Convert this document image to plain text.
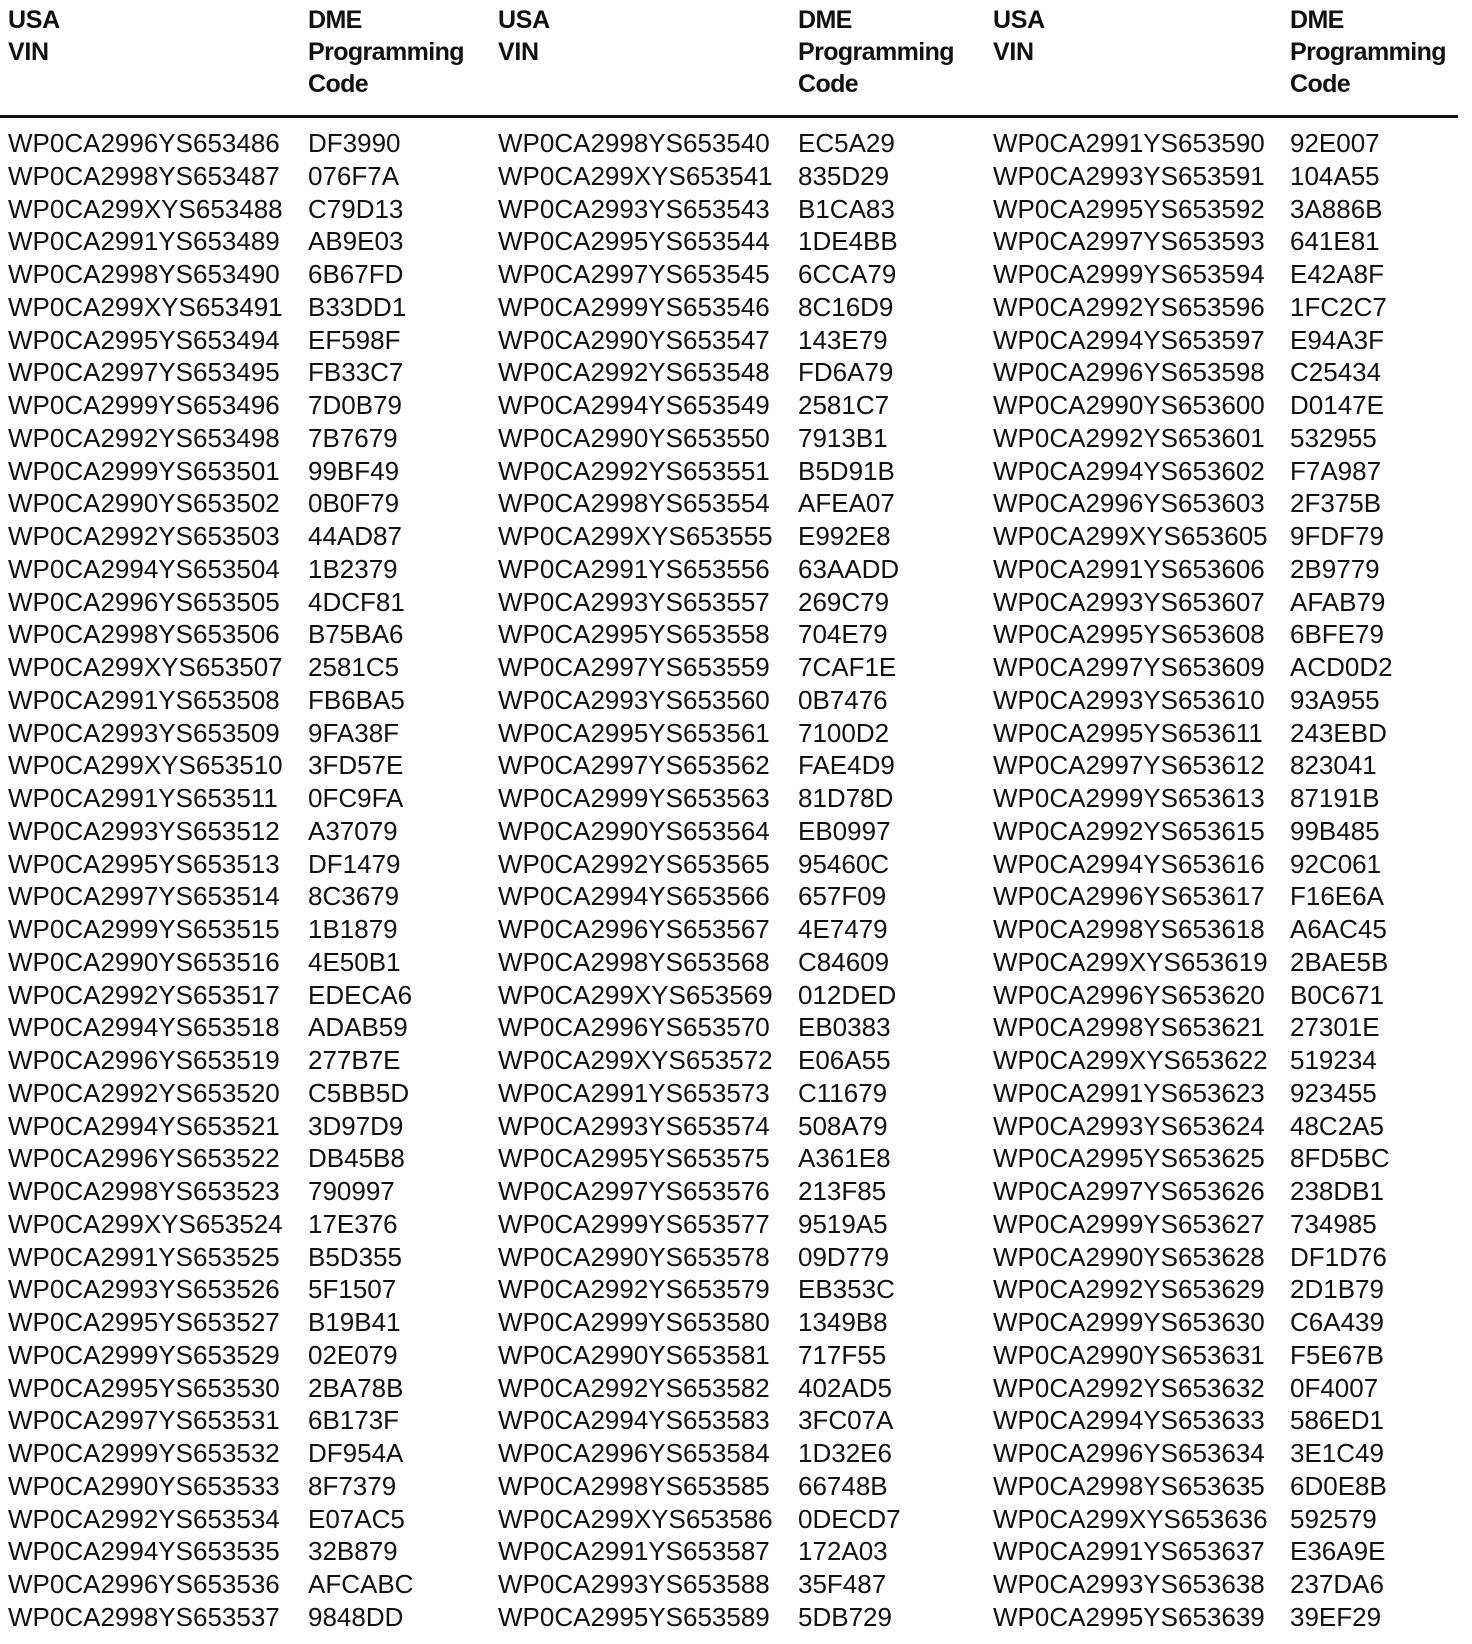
USA VIN
DME
Programming
Code
WP0CA2996YS653486 DF3990
WP0CA2998YS653487 076F7A
WP0CA299XYS653488 C79D13
WP0CA2991YS653489 AB9E03
WP0CA2998YS653490 6B67FD
WP0CA299XYS653491 B33DD1
WP0CA2995YS653494 EF598F
WP0CA2997YS653495 FB33C7
WP0CA2999YS653496 7D0B79
WP0CA2992YS653498 7B7679
WP0CA2999YS653501 99BF49
WP0CA2990YS653502 0B0F79
WP0CA2992YS653503 44AD87
WP0CA2994YS653504 1B2379
WP0CA2996YS653505 4DCF81
WP0CA2998YS653506 B75BA6
WP0CA299XYS653507 2581C5
WP0CA2991YS653508 FB6BA5
WP0CA2993YS653509 9FA38F
WP0CA299XYS653510 3FD57E
WP0CA2991YS653511 0FC9FA
WP0CA2993YS653512 A37079
WP0CA2995YS653513 DF1479
WP0CA2997YS653514 8C3679
WP0CA2999YS653515 1B1879
WP0CA2990YS653516 4E50B1
WP0CA2992YS653517 EDECA6
WP0CA2994YS653518 ADAB59
WP0CA2996YS653519 277B7E
WP0CA2992YS653520 C5BB5D
WP0CA2994YS653521 3D97D9
WP0CA2996YS653522 DB45B8
WP0CA2998YS653523 790997
WP0CA299XYS653524 17E376
WP0CA2991YS653525 B5D355
WP0CA2993YS653526 5F1507
WP0CA2995YS653527 B19B41
WP0CA2999YS653529 02E079
WP0CA2995YS653530 2BA78B
WP0CA2997YS653531 6B173F
WP0CA2999YS653532 DF954A
WP0CA2990YS653533 8F7379
WP0CA2992YS653534 E07AC5
WP0CA2994YS653535 32B879
WP0CA2996YS653536 AFCABC
WP0CA2998YS653537 9848DD
USA VIN
DME
Programming
Code
WP0CA2998YS653540 EC5A29
WP0CA299XYS653541 835D29
WP0CA2993YS653543 B1CA83
WP0CA2995YS653544 1DE4BB
WP0CA2997YS653545 6CCA79
WP0CA2999YS653546 8C16D9
WP0CA2990YS653547 143E79
WP0CA2992YS653548 FD6A79
WP0CA2994YS653549 2581C7
WP0CA2990YS653550 7913B1
WP0CA2992YS653551 B5D91B
WP0CA2998YS653554 AFEA07
WP0CA299XYS653555 E992E8
WP0CA2991YS653556 63AADD
WP0CA2993YS653557 269C79
WP0CA2995YS653558 704E79
WP0CA2997YS653559 7CAF1E
WP0CA2993YS653560 0B7476
WP0CA2995YS653561 7100D2
WP0CA2997YS653562 FAE4D9
WP0CA2999YS653563 81D78D
WP0CA2990YS653564 EB0997
WP0CA2992YS653565 95460C
WP0CA2994YS653566 657F09
WP0CA2996YS653567 4E7479
WP0CA2998YS653568 C84609
WP0CA299XYS653569 012DED
WP0CA2996YS653570 EB0383
WP0CA299XYS653572 E06A55
WP0CA2991YS653573 C11679
WP0CA2993YS653574 508A79
WP0CA2995YS653575 A361E8
WP0CA2997YS653576 213F85
WP0CA2999YS653577 9519A5
WP0CA2990YS653578 09D779
WP0CA2992YS653579 EB353C
WP0CA2999YS653580 1349B8
WP0CA2990YS653581 717F55
WP0CA2992YS653582 402AD5
WP0CA2994YS653583 3FC07A
WP0CA2996YS653584 1D32E6
WP0CA2998YS653585 66748B
WP0CA299XYS653586 0DECD7
WP0CA2991YS653587 172A03
WP0CA2993YS653588 35F487
WP0CA2995YS653589 5DB729
USA VIN
DME
Programming
Code
WP0CA2991YS653590 92E007
WP0CA2993YS653591 104A55
WP0CA2995YS653592 3A886B
WP0CA2997YS653593 641E81
WP0CA2999YS653594 E42A8F
WP0CA2992YS653596 1FC2C7
WP0CA2994YS653597 E94A3F
WP0CA2996YS653598 C25434
WP0CA2990YS653600 D0147E
WP0CA2992YS653601 532955
WP0CA2994YS653602 F7A987
WP0CA2996YS653603 2F375B
WP0CA299XYS653605 9FDF79
WP0CA2991YS653606 2B9779
WP0CA2993YS653607 AFAB79
WP0CA2995YS653608 6BFE79
WP0CA2997YS653609 ACD0D2
WP0CA2993YS653610 93A955
WP0CA2995YS653611 243EBD
WP0CA2997YS653612 823041
WP0CA2999YS653613 87191B
WP0CA2992YS653615 99B485
WP0CA2994YS653616 92C061
WP0CA2996YS653617 F16E6A
WP0CA2998YS653618 A6AC45
WP0CA299XYS653619 2BAE5B
WP0CA2996YS653620 B0C671
WP0CA2998YS653621 27301E
WP0CA299XYS653622 519234
WP0CA2991YS653623 923455
WP0CA2993YS653624 48C2A5
WP0CA2995YS653625 8FD5BC
WP0CA2997YS653626 238DB1
WP0CA2999YS653627 734985
WP0CA2990YS653628 DF1D76
WP0CA2992YS653629 2D1B79
WP0CA2999YS653630 C6A439
WP0CA2990YS653631 F5E67B
WP0CA2992YS653632 0F4007
WP0CA2994YS653633 586ED1
WP0CA2996YS653634 3E1C49
WP0CA2998YS653635 6D0E8B
WP0CA299XYS653636 592579
WP0CA2991YS653637 E36A9E
WP0CA2993YS653638 237DA6
WP0CA2995YS653639 39EF29
